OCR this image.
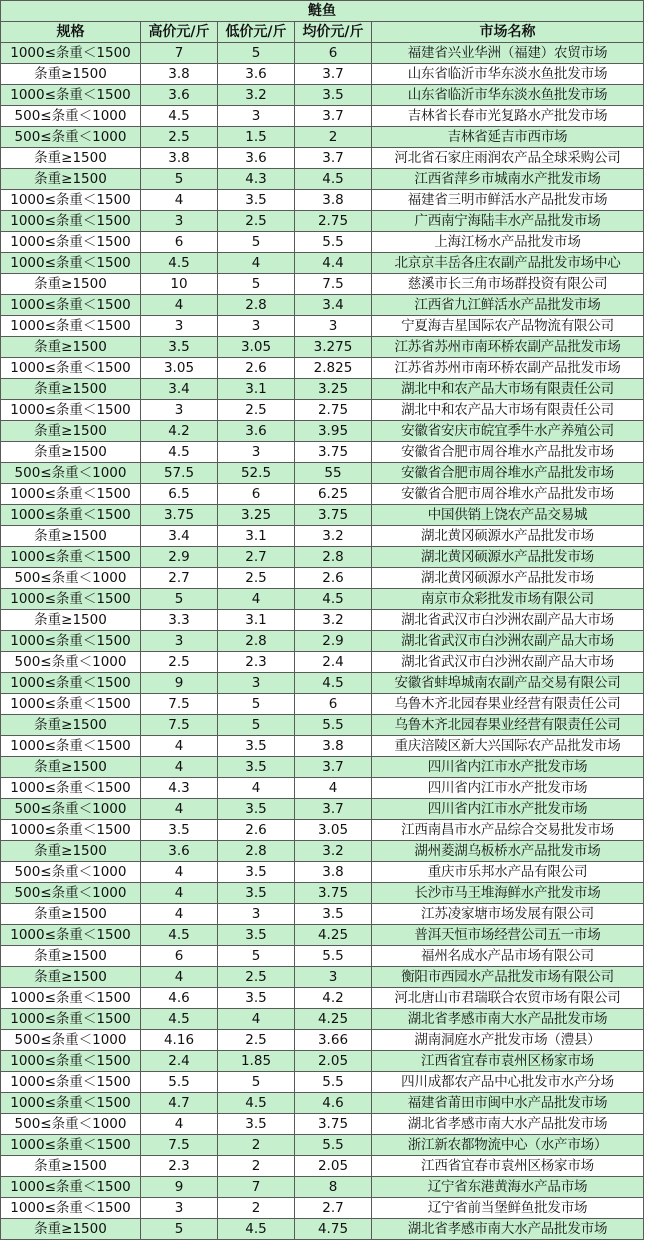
鲢鱼				
规格	高价元/斤	低价元/斤	均价元/斤	市场名称
1000≤条重＜1500	7	5	6	福建省兴业华洲（福建）农贸市场
条重≥1500	3.8	3.6	3.7	山东省临沂市华东淡水鱼批发市场
1000≤条重＜1500	3.6	3.2	3.5	山东省临沂市华东淡水鱼批发市场
500≤条重＜1000	4.5	3	3.7	吉林省长春市光复路水产批发市场
500≤条重＜1000	2.5	1.5	2	吉林省延吉市西市场
条重≥1500	3.8	3.6	3.7	河北省石家庄雨润农产品全球采购公司
条重≥1500	5	4.3	4.5	江西省萍乡市城南水产批发市场
1000≤条重＜1500	4	3.5	3.8	福建省三明市鲜活水产品批发市场
1000≤条重＜1500	3	2.5	2.75	广西南宁海陆丰水产品批发市场
1000≤条重＜1500	6	5	5.5	上海江杨水产品批发市场
1000≤条重＜1500	4.5	4	4.4	北京京丰岳各庄农副产品批发市场中心
条重≥1500	10	5	7.5	慈溪市长三角市场群投资有限公司
1000≤条重＜1500	4	2.8	3.4	江西省九江鲜活水产品批发市场
1000≤条重＜1500	3	3	3	宁夏海吉星国际农产品物流有限公司
条重≥1500	3.5	3.05	3.275	江苏省苏州市南环桥农副产品批发市场
1000≤条重＜1500	3.05	2.6	2.825	江苏省苏州市南环桥农副产品批发市场
条重≥1500	3.4	3.1	3.25	湖北中和农产品大市场有限责任公司
1000≤条重＜1500	3	2.5	2.75	湖北中和农产品大市场有限责任公司
条重≥1500	4.2	3.6	3.95	安徽省安庆市皖宜季牛水产养殖公司
条重≥1500	4.5	3	3.75	安徽省合肥市周谷堆水产品批发市场
500≤条重＜1000	57.5	52.5	55	安徽省合肥市周谷堆水产品批发市场
1000≤条重＜1500	6.5	6	6.25	安徽省合肥市周谷堆水产品批发市场
1000≤条重＜1500	3.75	3.25	3.75	中国供销上饶农产品交易城
条重≥1500	3.4	3.1	3.2	湖北黄冈硕源水产品批发市场
1000≤条重＜1500	2.9	2.7	2.8	湖北黄冈硕源水产品批发市场
500≤条重＜1000	2.7	2.5	2.6	湖北黄冈硕源水产品批发市场
1000≤条重＜1500	5	4	4.5	南京市众彩批发市场有限公司
条重≥1500	3.3	3.1	3.2	湖北省武汉市白沙洲农副产品大市场
1000≤条重＜1500	3	2.8	2.9	湖北省武汉市白沙洲农副产品大市场
500≤条重＜1000	2.5	2.3	2.4	湖北省武汉市白沙洲农副产品大市场
1000≤条重＜1500	9	3	4.5	安徽省蚌埠城南农副产品交易有限公司
1000≤条重＜1500	7.5	5	6	乌鲁木齐北园春果业经营有限责任公司
条重≥1500	7.5	5	5.5	乌鲁木齐北园春果业经营有限责任公司
1000≤条重＜1500	4	3.5	3.8	重庆涪陵区新大兴国际农产品批发市场
条重≥1500	4	3.5	3.7	四川省内江市水产批发市场
1000≤条重＜1500	4.3	4	4	四川省内江市水产批发市场
500≤条重＜1000	4	3.5	3.7	四川省内江市水产批发市场
1000≤条重＜1500	3.5	2.6	3.05	江西南昌市水产品综合交易批发市场
条重≥1500	3.6	2.8	3.2	湖州菱湖乌板桥水产品批发市场
500≤条重＜1000	4	3.5	3.8	重庆市乐邦水产品有限公司
500≤条重＜1000	4	3.5	3.75	长沙市马王堆海鲜水产批发市场
条重≥1500	4	3	3.5	江苏凌家塘市场发展有限公司
1000≤条重＜1500	4.5	3.5	4.25	普洱天恒市场经营公司五一市场
条重≥1500	6	5	5.5	福州名成水产品市场有限公司
条重≥1500	4	2.5	3	衡阳市西园水产品批发市场有限公司
1000≤条重＜1500	4.6	3.5	4.2	河北唐山市君瑞联合农贸市场有限公司
1000≤条重＜1500	4.5	4	4.25	湖北省孝感市南大水产品批发市场
500≤条重＜1000	4.16	2.5	3.66	湖南洞庭水产批发市场（澧县）
1000≤条重＜1500	2.4	1.85	2.05	江西省宜春市袁州区杨家市场
1000≤条重＜1500	5.5	5	5.5	四川成都农产品中心批发市水产分场
1000≤条重＜1500	4.7	4.5	4.6	福建省莆田市闽中水产品批发市场
500≤条重＜1000	4	3.5	3.75	湖北省孝感市南大水产品批发市场
1000≤条重＜1500	7.5	2	5.5	浙江新农都物流中心（水产市场）
条重≥1500	2.3	2	2.05	江西省宜春市袁州区杨家市场
1000≤条重＜1500	9	7	8	辽宁省东港黄海水产品市场
1000≤条重＜1500	3	2	2.7	辽宁省前当堡鲜鱼批发市场
条重≥1500	5	4.5	4.75	湖北省孝感市南大水产品批发市场
